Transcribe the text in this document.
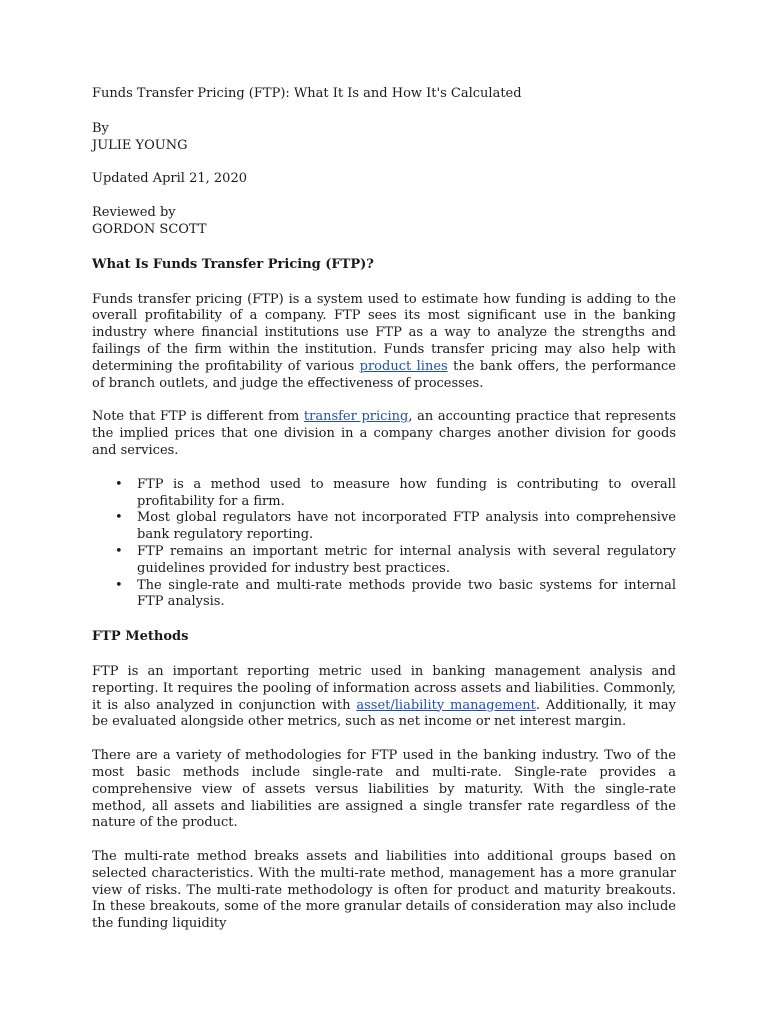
Funds Transfer Pricing (FTP): What It Is and How It's Calculated
By
JULIE YOUNG
Updated April 21, 2020
Reviewed by
GORDON SCOTT
What Is Funds Transfer Pricing (FTP)?

Funds transfer pricing (FTP) is a system used to estimate how funding is adding to the overall profitability of a company. FTP sees its most significant use in the banking industry where financial institutions use FTP as a way to analyze the strengths and failings of the firm within the institution. Funds transfer pricing may also help with determining the profitability of various product lines the bank offers, the performance of branch outlets, and judge the effectiveness of processes.

Note that FTP is different from transfer pricing, an accounting practice that represents the implied prices that one division in a company charges another division for goods and services.

• FTP is a method used to measure how funding is contributing to overall profitability for a firm.
• Most global regulators have not incorporated FTP analysis into comprehensive bank regulatory reporting.
• FTP remains an important metric for internal analysis with several regulatory guidelines provided for industry best practices.
• The single-rate and multi-rate methods provide two basic systems for internal FTP analysis.
FTP Methods

FTP is an important reporting metric used in banking management analysis and reporting. It requires the pooling of information across assets and liabilities. Commonly, it is also analyzed in conjunction with asset/liability management. Additionally, it may be evaluated alongside other metrics, such as net income or net interest margin.

There are a variety of methodologies for FTP used in the banking industry. Two of the most basic methods include single-rate and multi-rate. Single-rate provides a comprehensive view of assets versus liabilities by maturity. With the single-rate method, all assets and liabilities are assigned a single transfer rate regardless of the nature of the product.

The multi-rate method breaks assets and liabilities into additional groups based on selected characteristics. With the multi-rate method, management has a more granular view of risks. The multi-rate methodology is often for product and maturity breakouts. In these breakouts, some of the more granular details of consideration may also include the funding liquidity
